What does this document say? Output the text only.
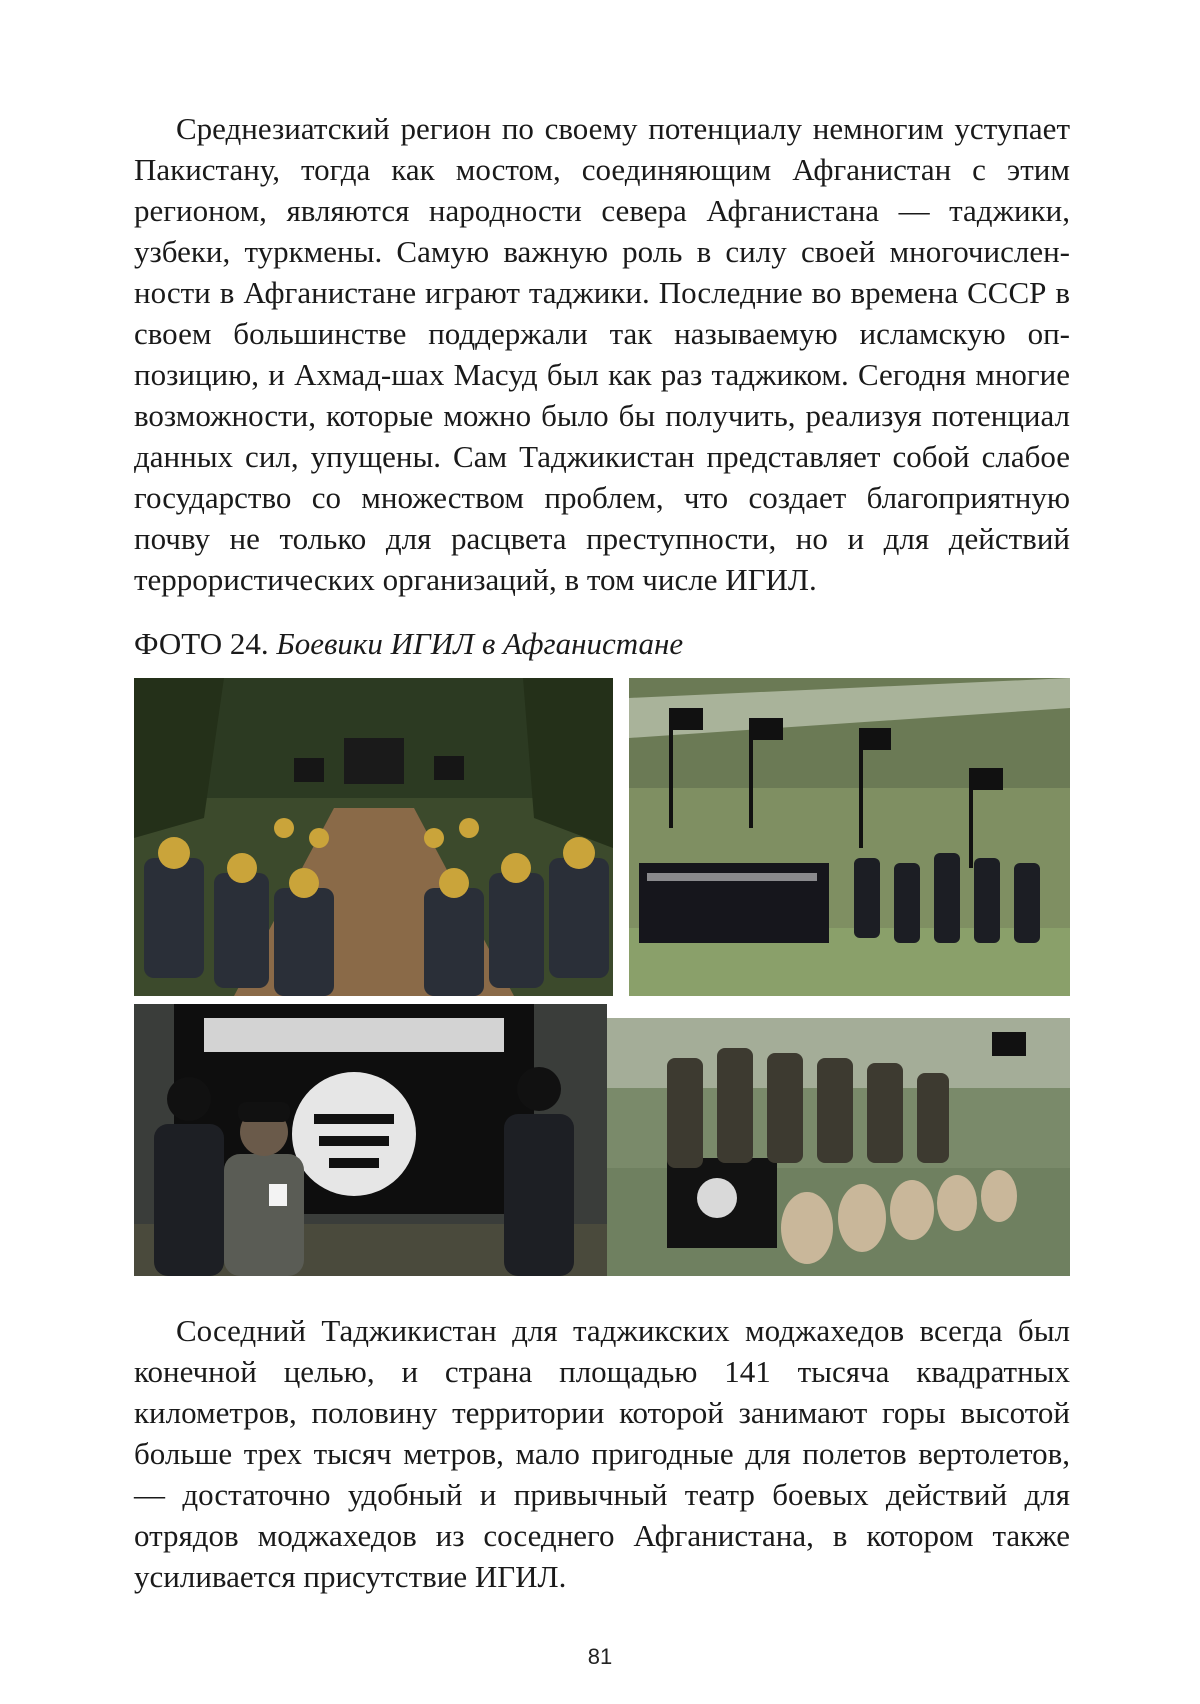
Среднезиатский регион по своему потенциалу немногим уступает Пакистану, тогда как мостом, соединяющим Афганистан с этим регионом, являются народности севера Афганистана — таджики, узбеки, туркмены. Самую важную роль в силу своей многочисленности в Афганистане играют таджики. Последние во времена СССР в своем большинстве поддержали так называемую исламскую оппозицию, и Ахмад-шах Масуд был как раз таджиком. Сегодня многие возможности, которые можно было бы получить, реализуя потенциал данных сил, упущены. Сам Таджикистан представляет собой слабое государство со множеством проблем, что создает благоприятную почву не только для расцвета преступности, но и для действий террористических организаций, в том числе ИГИЛ.

ФОТО 24. Боевики ИГИЛ в Афганистане

Соседний Таджикистан для таджикских моджахедов всегда был конечной целью, и страна площадью 141 тысяча квадратных километров, половину территории которой занимают горы высотой больше трех тысяч метров, мало пригодные для полетов вертолетов, — достаточно удобный и привычный театр боевых действий для отрядов моджахедов из соседнего Афганистана, в котором также усиливается присутствие ИГИЛ.

81
